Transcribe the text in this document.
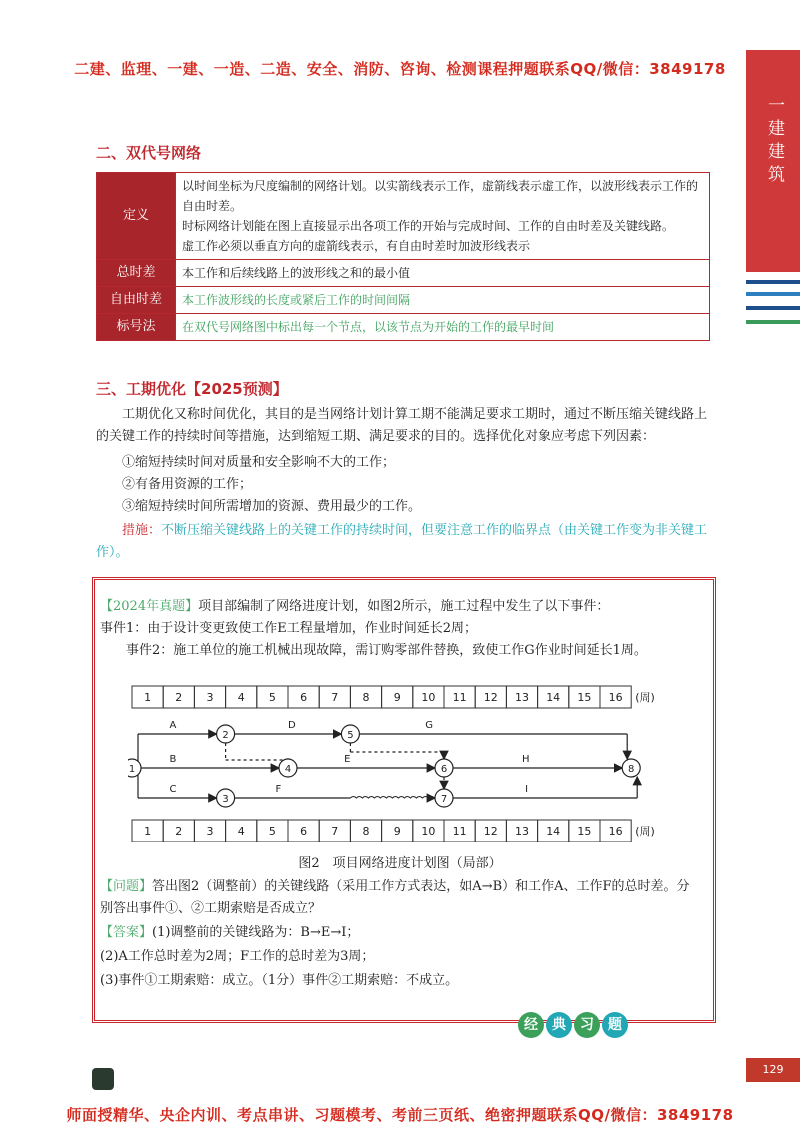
二建、监理、一建、一造、二造、安全、消防、咨询、检测课程押题联系QQ/微信：3849178
一建建筑
二、双代号网络
定义	以时间坐标为尺度编制的网络计划。以实箭线表示工作，虚箭线表示虚工作，以波形线表示工作的自由时差。
时标网络计划能在图上直接显示出各项工作的开始与完成时间、工作的自由时差及关键线路。
虚工作必须以垂直方向的虚箭线表示，有自由时差时加波形线表示

总时差	本工作和后续线路上的波形线之和的最小值
自由时差	本工作波形线的长度或紧后工作的时间间隔
标号法	在双代号网络图中标出每一个节点，以该节点为开始的工作的最早时间
三、工期优化【2025预测】
工期优化又称时间优化，其目的是当网络计划计算工期不能满足要求工期时，通过不断压缩关键线路上的关键工作的持续时间等措施，达到缩短工期、满足要求的目的。选择优化对象应考虑下列因素：
①缩短持续时间对质量和安全影响不大的工作；
②有备用资源的工作；
③缩短持续时间所需增加的资源、费用最少的工作。
措施：不断压缩关键线路上的关键工作的持续时间，但要注意工作的临界点（由关键工作变为非关键工作）。
【2024年真题】项目部编制了网络进度计划，如图2所示，施工过程中发生了以下事件：
事件1：由于设计变更致使工作E工程量增加，作业时间延长2周；
事件2：施工单位的施工机械出现故障，需订购零部件替换，致使工作G作业时间延长1周。
1 2 3 4 5 6 7 8 9 10 11 12 13 14 15 16 (周)
1 2 3 4 5 6 7 8 9 10 11 12 13 14 15 16 (周)
A
B
C
D
E
F
G
H
I
1
2
3
4
5
6
7
8
图2　项目网络进度计划图（局部）
【问题】答出图2（调整前）的关键线路（采用工作方式表达，如A→B）和工作A、工作F的总时差。分别答出事件①、②工期索赔是否成立？
【答案】(1)调整前的关键线路为：B→E→I；
(2)A工作总时差为2周；F工作的总时差为3周；
(3)事件①工期索赔：成立。（1分）事件②工期索赔：不成立。
经 典 习 题
129
师面授精华、央企内训、考点串讲、习题模考、考前三页纸、绝密押题联系QQ/微信：3849178
